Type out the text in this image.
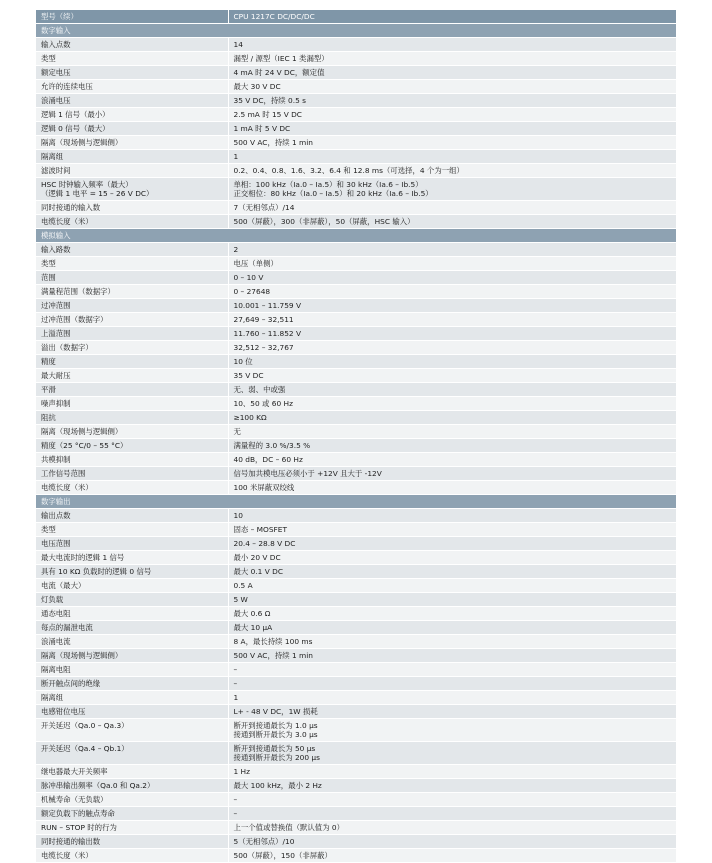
型号（续）	CPU 1217C DC/DC/DC
数字输入	

输入点数	14

类型	漏型 / 源型（IEC 1 类漏型）

额定电压	4 mA 时 24 V DC，额定值

允许的连续电压	最大 30 V DC

浪涌电压	35 V DC，持续 0.5 s

逻辑 1 信号（最小）	2.5 mA 时 15 V DC

逻辑 0 信号（最大）	1 mA 时 5 V DC

隔离（现场侧与逻辑侧）	500 V AC，持续 1 min

隔离组	1

滤波时间	0.2、0.4、0.8、1.6、3.2、6.4 和 12.8 ms（可选择，4 个为一组）

HSC 时钟输入频率（最大）
（逻辑 1 电平 = 15 – 26 V DC）	单相：100 kHz（Ia.0 – Ia.5）和 30 kHz（Ia.6 – Ib.5）
正交相位：80 kHz（Ia.0 – Ia.5）和 20 kHz（Ia.6 – Ib.5）

同时接通的输入数	7（无相邻点）/14

电缆长度（米）	500（屏蔽），300（非屏蔽），50（屏蔽，HSC 输入）

模拟输入	

输入路数	2

类型	电压（单侧）

范围	0 – 10 V

满量程范围（数据字）	0 – 27648

过冲范围	10.001 – 11.759 V

过冲范围（数据字）	27,649 – 32,511

上溢范围	11.760 – 11.852 V

溢出（数据字）	32,512 – 32,767

精度	10 位

最大耐压	35 V DC

平滑	无、弱、中或强

噪声抑制	10、50 或 60 Hz

阻抗	≥100 KΩ

隔离（现场侧与逻辑侧）	无

精度（25 °C/0 – 55 °C）	满量程的 3.0 %/3.5 %

共模抑制	40 dB，DC – 60 Hz

工作信号范围	信号加共模电压必须小于 +12V 且大于 -12V

电缆长度（米）	100 米屏蔽双绞线

数字输出	

输出点数	10

类型	固态 – MOSFET

电压范围	20.4 – 28.8 V DC

最大电流时的逻辑 1 信号	最小 20 V DC

具有 10 KΩ 负载时的逻辑 0 信号	最大 0.1 V DC

电流（最大）	0.5 A

灯负载	5 W

通态电阻	最大 0.6 Ω

每点的漏泄电流	最大 10 μA

浪涌电流	8 A，最长持续 100 ms

隔离（现场侧与逻辑侧）	500 V AC，持续 1 min

隔离电阻	–

断开触点间的绝缘	–

隔离组	1

电感钳位电压	L+ - 48 V DC，1W 损耗

开关延迟（Qa.0 – Qa.3）	断开到接通最长为 1.0 μs
接通到断开最长为 3.0 μs

开关延迟（Qa.4 – Qb.1）	断开到接通最长为 50 μs
接通到断开最长为 200 μs

继电器最大开关频率	1 Hz

脉冲串输出频率（Qa.0 和 Qa.2）	最大 100 kHz，最小 2 Hz

机械寿命（无负载）	–

额定负载下的触点寿命	–

RUN – STOP 时的行为	上一个值或替换值（默认值为 0）

同时接通的输出数	5（无相邻点）/10

电缆长度（米）	500（屏蔽），150（非屏蔽）
